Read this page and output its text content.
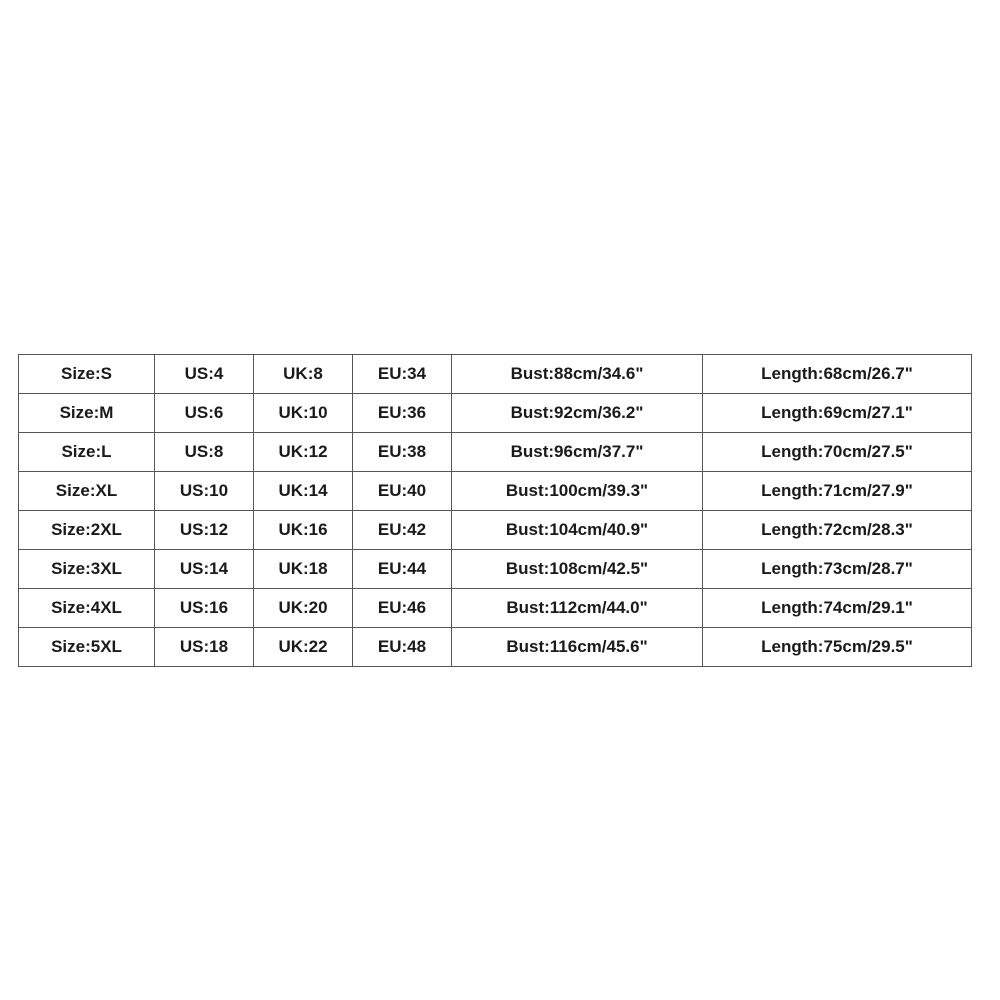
Size:S	US:4	UK:8	EU:34	Bust:88cm/34.6"	Length:68cm/26.7"
Size:M	US:6	UK:10	EU:36	Bust:92cm/36.2"	Length:69cm/27.1"
Size:L	US:8	UK:12	EU:38	Bust:96cm/37.7"	Length:70cm/27.5"
Size:XL	US:10	UK:14	EU:40	Bust:100cm/39.3"	Length:71cm/27.9"
Size:2XL	US:12	UK:16	EU:42	Bust:104cm/40.9"	Length:72cm/28.3"
Size:3XL	US:14	UK:18	EU:44	Bust:108cm/42.5"	Length:73cm/28.7"
Size:4XL	US:16	UK:20	EU:46	Bust:112cm/44.0"	Length:74cm/29.1"
Size:5XL	US:18	UK:22	EU:48	Bust:116cm/45.6"	Length:75cm/29.5"
